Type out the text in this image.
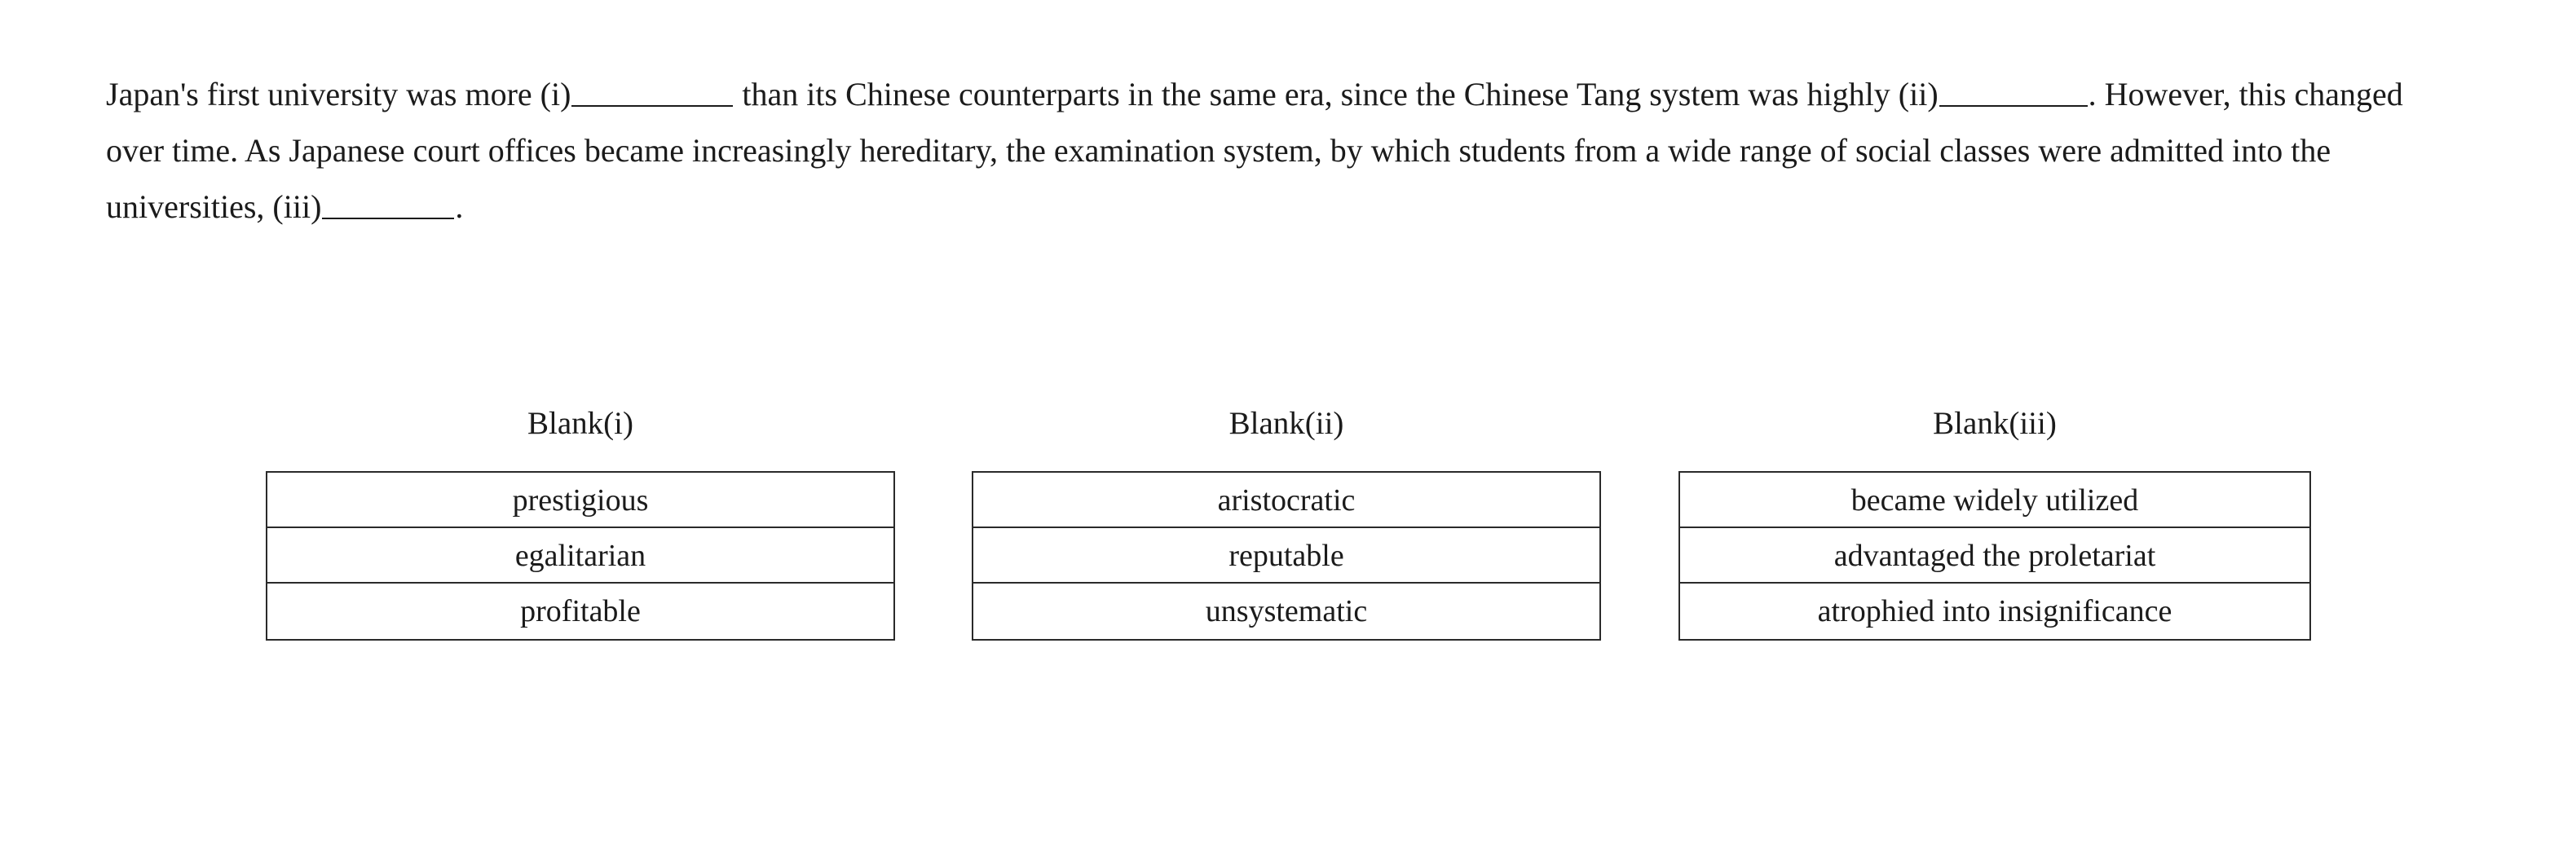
Japan's first university was more (i)	than its Chinese counterparts in the same era, since the Chinese Tang system was highly (ii)	. However, this changed over time. As Japanese court offices became increasingly hereditary, the examination system, by which students from a wide range of social classes were admitted into the universities, (iii)	.

Blank(i)
prestigious
egalitarian
profitable
Blank(ii)
aristocratic
reputable
unsystematic
Blank(iii)
became widely utilized
advantaged the proletariat
atrophied into insignificance
